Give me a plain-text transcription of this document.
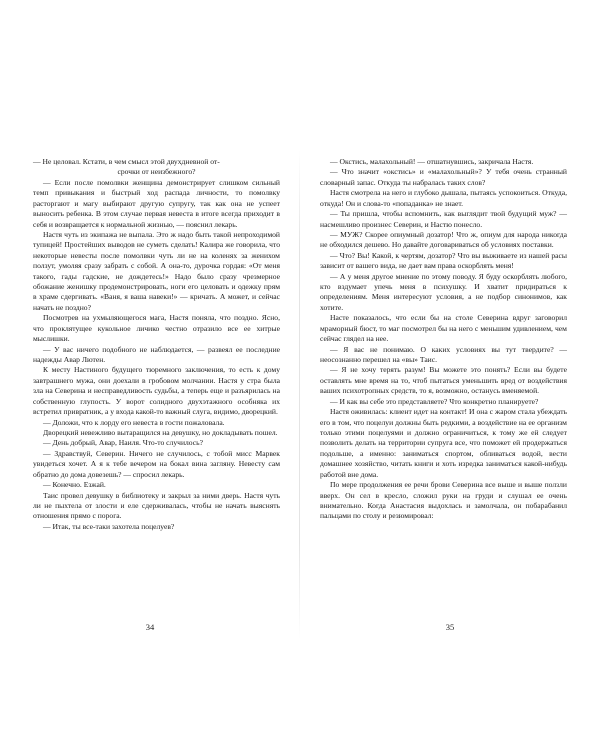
— Не целовал. Кстати, в чем смысл этой двухдневной от-

срочки от неизбежного?

— Если после помолвки женщина демонстрирует слишком сильный темп привыкания и быстрый ход распада личности, то помолвку расторгают и магу выбирают другую супругу, так как она не успеет выносить ребенка. В этом случае первая невеста в итоге всегда приходит в себя и возвращается к нормальной жизнью, — пояснил лекарь.

Настя чуть из экипажа не выпала. Это ж надо быть такой непроходимой тупицей! Простейших выводов не суметь сделать! Калира же говорила, что некоторые невесты после помолвки чуть ли не на коленях за женихом ползут, умоляя сразу забрать с собой. А она-то, дурочка гордая: «От меня такого, гады гадские, не дождетесь!» Надо было сразу чрезмерное обожание женишку продемонстрировать, ноги его целовать и одежку прям в храме сдергивать. «Ваня, я ваша навеки!» — кричать. А может, и сейчас начать не поздно?

Посмотрев на ухмыляющегося мага, Настя поняла, что поздно. Ясно, что проклятущее кукольное личико честно отразило все ее хитрые мыслишки.

— У вас ничего подобного не наблюдается, — развеял ее последние надежды Авар Лютен.

К месту Настиного будущего тюремного заключения, то есть к дому завтрашнего мужа, они доехали в гробовом молчании. Настя у стра была зла на Северина и несправедливость судьбы, а теперь еще и разъярилась на собственную глупость. У ворот солидного двухэтажного особняка их встретил привратник, а у входа какой-то важный слуга, видимо, дворецкий.

— Доложи, что к лорду его невеста в гости пожаловала.

Дворецкий невежливо вытаращился на девушку, но докладывать пошел.

— День добрый, Авар, Наиля. Что-то случилось?

— Здравствуй, Северин. Ничего не случилось, с тобой мисс Марвек увидеться хочет. А я к тебе вечером на бокал вина загляну. Невесту сам обратно до дома довезешь? — спросил лекарь.

— Конечно. Езжай.

Таис провел девушку в библиотеку и закрыл за ними дверь. Настя чуть ли не пыхтела от злости и еле сдерживалась, чтобы не начать выяснять отношения прямо с порога.

— Итак, ты все-таки захотела поцелуев?

34

— Окстись, малахольный! — отшатнувшись, закричала Настя.

— Что значит «окстись» и «малахольный»? У тебя очень странный словарный запас. Откуда ты набралась таких слов?

Настя смотрела на него и глубоко дышала, пытаясь успокоиться. Откуда, откуда! Он и слова-то «попаданка» не знает.

— Ты пришла, чтобы вспомнить, как выглядит твой будущий муж? — насмешливо произнес Северин, и Настю понесло.

— МУЖ? Скорее опиумный дозатор! Что ж, опиум для народа никогда не обходился дешево. Но давайте договариваться об условиях поставки.

— Что? Вы! Какой, к чертям, дозатор? Что вы выживаете из нашей расы зависит от вашего вида, не дает вам права оскорблять меня!

— А у меня другое мнение по этому поводу. Я буду оскорблять любого, кто вздумает упечь меня в психушку. И хватит придираться к определениям. Меня интересуют условия, а не подбор синонимов, как хотите.

Насте показалось, что если бы на столе Северина вдруг заговорил мраморный бюст, то маг посмотрел бы на него с меньшим удивлением, чем сейчас глядел на нее.

— Я вас не понимаю. О каких условиях вы тут твердите? — неосознанно перешел на «вы» Таис.

— Я не хочу терять разум! Вы можете это понять? Если вы будете оставлять мне время на то, чтоб пытаться уменьшить вред от воздействия ваших психотропных средств, то я, возможно, останусь вменяемой.

— И как вы себе это представляете? Что конкретно планируете?

Настя оживилась: клиент идет на контакт! И она с жаром стала убеждать его в том, что поцелуи должны быть редкими, а воздействие на ее организм только этими поцелуями и должно ограничиться, к тому же ей следует позволить делать на территории супруга все, что поможет ей продержаться подольше, а именно: заниматься спортом, обливаться водой, вести домашнее хозяйство, читать книги и хоть изредка заниматься какой-нибудь работой вне дома.

По мере продолжения ее речи брови Северина все выше и выше ползли вверх. Он сел в кресло, сложил руки на груди и слушал ее очень внимательно. Когда Анастасия выдохлась и замолчала, он побарабанил пальцами по столу и резюмировал:

35
